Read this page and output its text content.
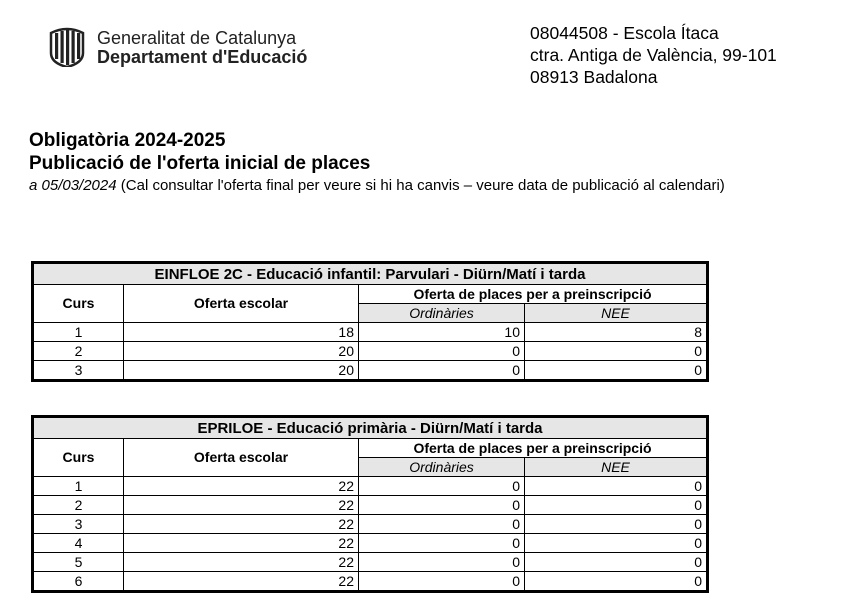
Generalitat de Catalunya
Departament d'Educació
08044508 - Escola Ítaca
ctra. Antiga de València, 99-101
08913 Badalona
Obligatòria 2024-2025
Publicació de l'oferta inicial de places
a 05/03/2024 (Cal consultar l'oferta final per veure si hi ha canvis – veure data de publicació al calendari)
EINFLOE 2C - Educació infantil: Parvulari - Diürn/Matí i tarda			
Curs	Oferta escolar	Oferta de places per a preinscripció	
		Ordinàries	NEE
1	18	10	8
2	20	0	0
3	20	0	0
EPRILOE - Educació primària - Diürn/Matí i tarda			
Curs	Oferta escolar	Oferta de places per a preinscripció	
		Ordinàries	NEE
1	22	0	0
2	22	0	0
3	22	0	0
4	22	0	0
5	22	0	0
6	22	0	0
